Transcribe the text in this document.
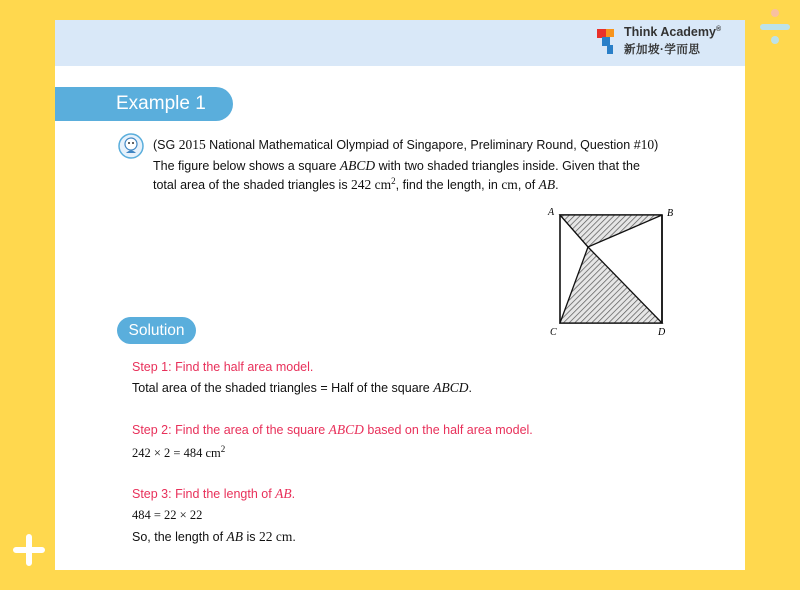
Think Academy®
新加坡·学而思
Example 1
(SG 2015 National Mathematical Olympiad of Singapore, Preliminary Round, Question #10)
The figure below shows a square ABCD with two shaded triangles inside. Given that the
total area of the shaded triangles is 242 $cm^2$, find the length, in cm, of AB.
A	B
C	D
Solution
Step 1: Find the half area model.
Total area of the shaded triangles = Half of the square ABCD.
Step 2: Find the area of the square ABCD based on the half area model.
242 × 2 = 484 $cm^2$
Step 3: Find the length of AB.
484 = 22 × 22
So, the length of AB is 22 cm.
